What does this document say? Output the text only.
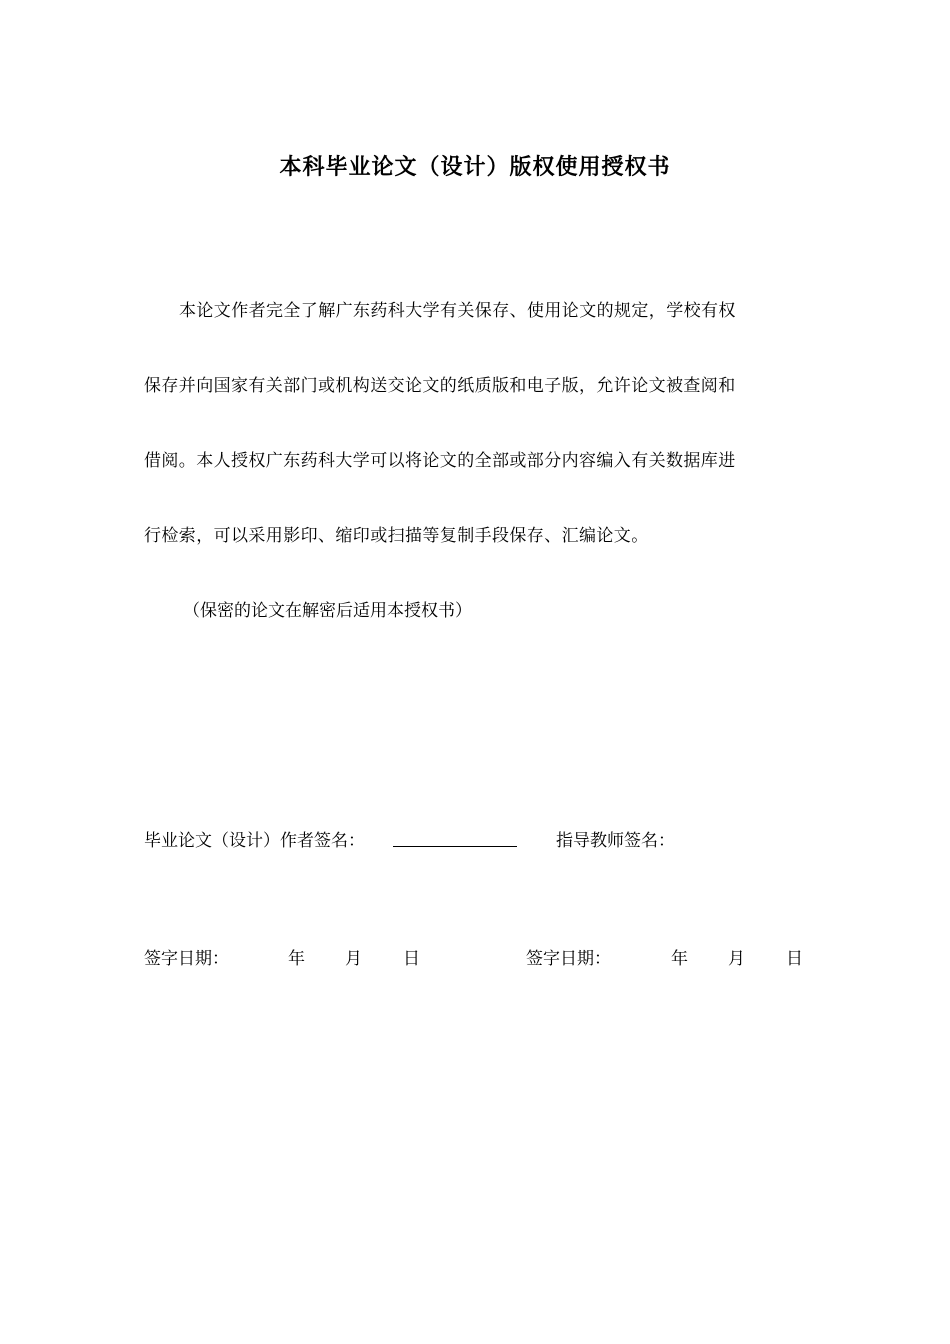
本科毕业论文（设计）版权使用授权书
本论文作者完全了解广东药科大学有关保存、使用论文的规定，学校有权
保存并向国家有关部门或机构送交论文的纸质版和电子版，允许论文被查阅和
借阅。本人授权广东药科大学可以将论文的全部或部分内容编入有关数据库进
行检索，可以采用影印、缩印或扫描等复制手段保存、汇编论文。
（保密的论文在解密后适用本授权书）
毕业论文（设计）作者签名：	指导教师签名：
签字日期：	年 月 日	签字日期：	年 月 日
